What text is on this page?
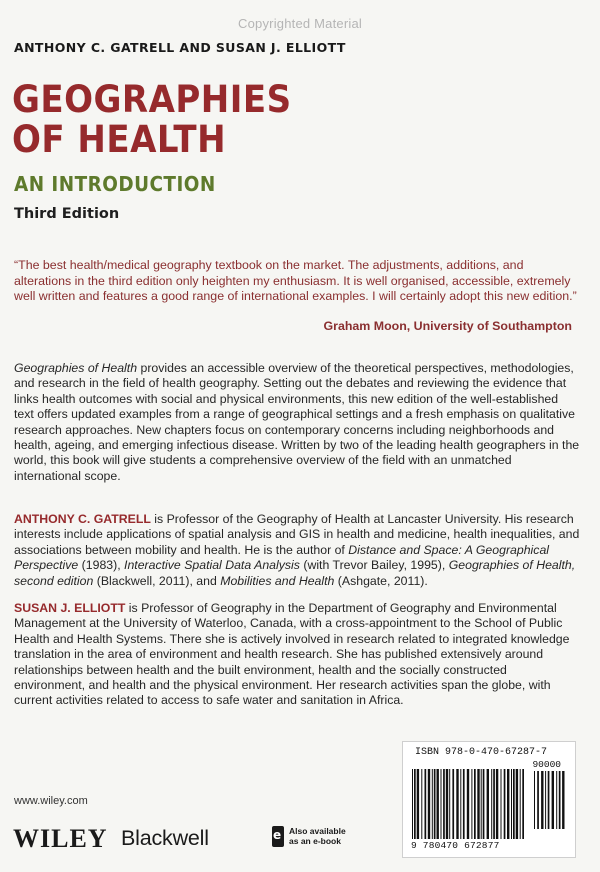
Copyrighted Material
ANTHONY C. GATRELL AND SUSAN J. ELLIOTT
GEOGRAPHIES
OF HEALTH
AN INTRODUCTION
Third Edition
“The best health/medical geography textbook on the market. The adjustments, additions, and alterations in the third edition only heighten my enthusiasm. It is well organised, accessible, extremely well written and features a good range of international examples. I will certainly adopt this new edition.”
Graham Moon, University of Southampton
Geographies of Health provides an accessible overview of the theoretical perspectives, methodologies, and research in the field of health geography. Setting out the debates and reviewing the evidence that links health outcomes with social and physical environments, this new edition of the well-established text offers updated examples from a range of geographical settings and a fresh emphasis on qualitative research approaches. New chapters focus on contemporary concerns including neighborhoods and health, ageing, and emerging infectious disease. Written by two of the leading health geographers in the world, this book will give students a comprehensive overview of the field with an unmatched international scope.
ANTHONY C. GATRELL is Professor of the Geography of Health at Lancaster University. His research interests include applications of spatial analysis and GIS in health and medicine, health inequalities, and associations between mobility and health. He is the author of Distance and Space: A Geographical Perspective (1983), Interactive Spatial Data Analysis (with Trevor Bailey, 1995), Geographies of Health, second edition (Blackwell, 2011), and Mobilities and Health (Ashgate, 2011).
SUSAN J. ELLIOTT is Professor of Geography in the Department of Geography and Environmental Management at the University of Waterloo, Canada, with a cross-appointment to the School of Public Health and Health Systems. There she is actively involved in research related to integrated knowledge translation in the area of environment and health research. She has published extensively around relationships between health and the built environment, health and the socially constructed environment, and health and the physical environment. Her research activities span the globe, with current activities related to access to safe water and sanitation in Africa.
ISBN 978-0-470-67287-7
90000
9 780470 672877
www.wiley.com
WILEY Blackwell
e	Also available
as an e-book
